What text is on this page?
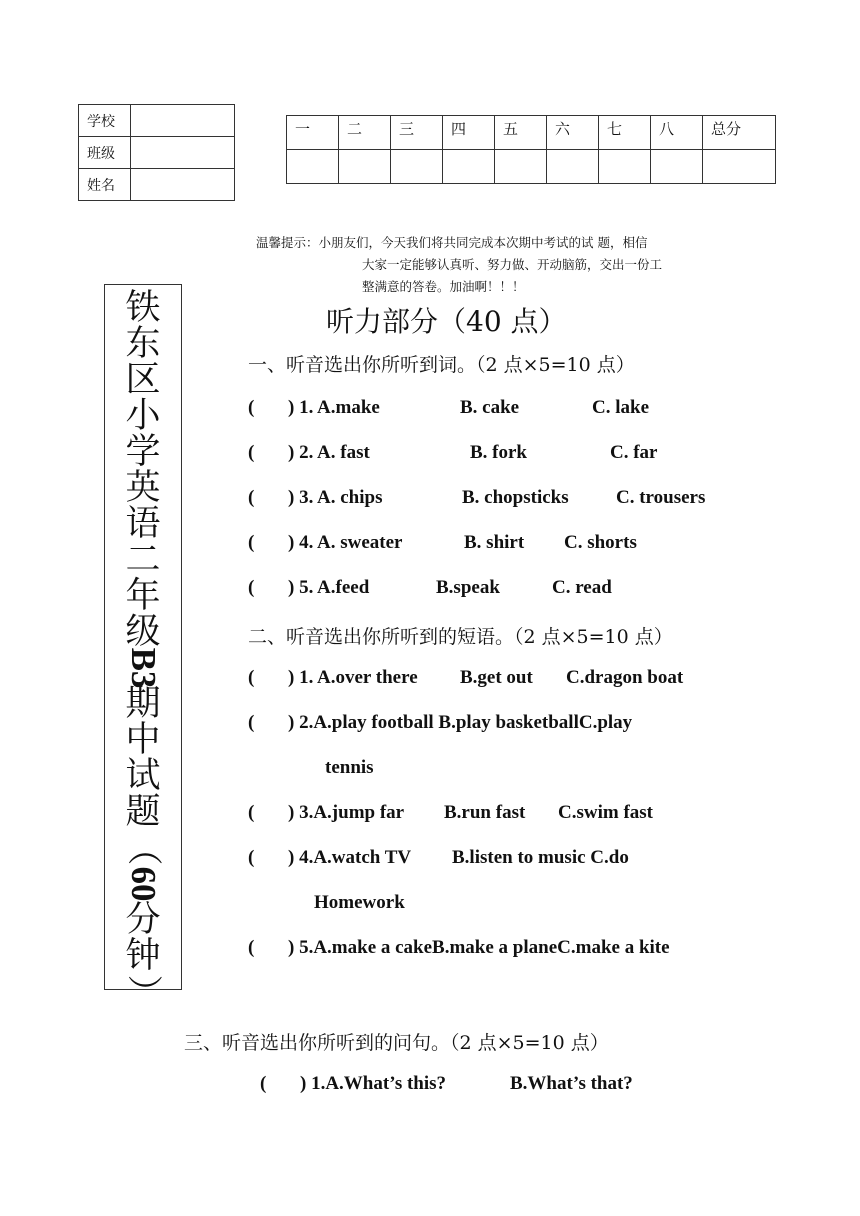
学校	
班级	
姓名	
一	二	三	四	五	六	七	八	总分

温馨提示：小朋友们，今天我们将共同完成本次期中考试的试 题，相信

大家一定能够认真听、努力做、开动脑筋，交出一份工
整满意的答卷。加油啊！！！
铁
东
区
小
学
英
语
二
年
级
B3
期
中
试
题
（
60
分
钟
）
听力部分（40 点）
一、听音选出你所听到词。（2 点×5=10 点）
( ) 1. A.make	B. cake	C. lake
( ) 2. A. fast	B. fork	C. far
( ) 3. A. chips	B. chopsticks C. trousers
( ) 4. A. sweater	B. shirt C. shorts
( ) 5. A.feed	B.speak	C. read
二、听音选出你所听到的短语。（2 点×5=10 点）
( ) 1. A.over there B.get out C.dragon boat
( ) 2.A.play football B.play basketballC.play
tennis
( ) 3.A.jump far B.run fast C.swim fast
( ) 4.A.watch TV B.listen to music C.do
Homework
( ) 5.A.make a cakeB.make a planeC.make a kite
三、听音选出你所听到的问句。（2 点×5=10 点）
( ) 1.A.What’s this?	B.What’s that?
